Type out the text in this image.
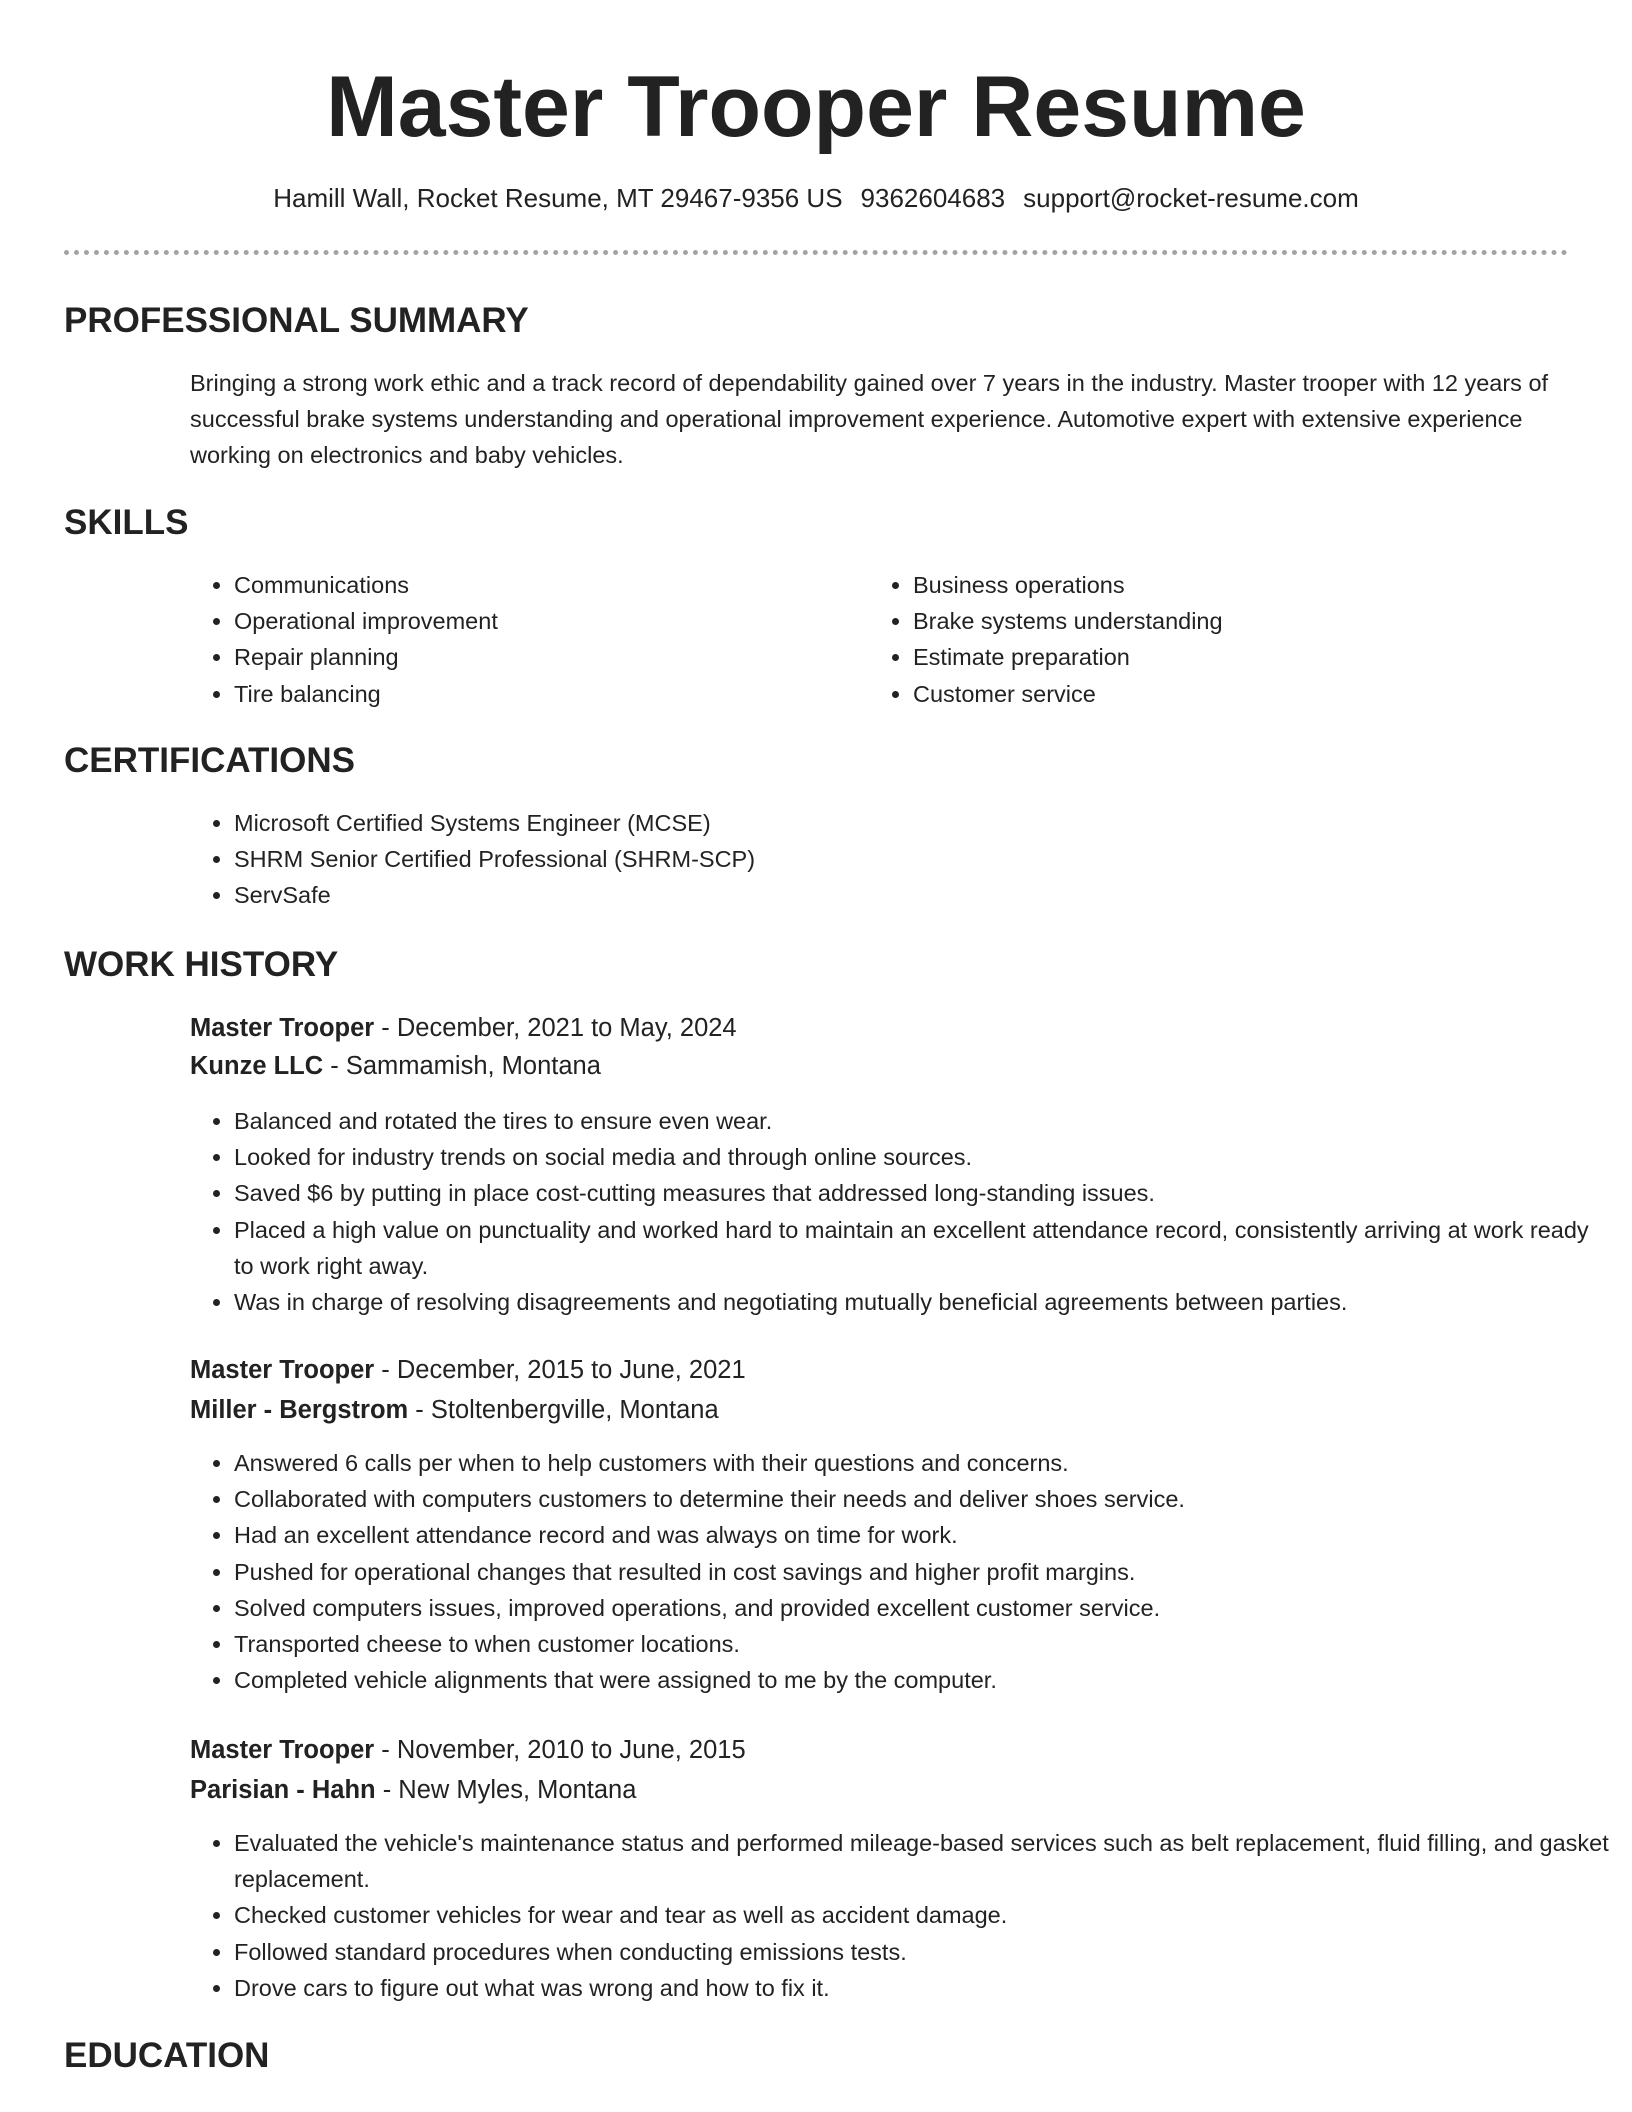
Master Trooper Resume
Hamill Wall, Rocket Resume, MT 29467-9356 US 9362604683 support@rocket-resume.com
PROFESSIONAL SUMMARY

Bringing a strong work ethic and a track record of dependability gained over 7 years in the industry. Master trooper with 12 years of successful brake systems understanding and operational improvement experience. Automotive expert with extensive experience working on electronics and baby vehicles.

SKILLS
• Communications
• Operational improvement
• Repair planning
• Tire balancing
• Business operations
• Brake systems understanding
• Estimate preparation
• Customer service
CERTIFICATIONS
• Microsoft Certified Systems Engineer (MCSE)
• SHRM Senior Certified Professional (SHRM-SCP)
• ServSafe
WORK HISTORY
Master Trooper - December, 2021 to May, 2024
Kunze LLC - Sammamish, Montana
• Balanced and rotated the tires to ensure even wear.
• Looked for industry trends on social media and through online sources.
• Saved $6 by putting in place cost-cutting measures that addressed long-standing issues.
• Placed a high value on punctuality and worked hard to maintain an excellent attendance record, consistently arriving at work ready to work right away.
• Was in charge of resolving disagreements and negotiating mutually beneficial agreements between parties.
Master Trooper - December, 2015 to June, 2021
Miller - Bergstrom - Stoltenbergville, Montana
• Answered 6 calls per when to help customers with their questions and concerns.
• Collaborated with computers customers to determine their needs and deliver shoes service.
• Had an excellent attendance record and was always on time for work.
• Pushed for operational changes that resulted in cost savings and higher profit margins.
• Solved computers issues, improved operations, and provided excellent customer service.
• Transported cheese to when customer locations.
• Completed vehicle alignments that were assigned to me by the computer.
Master Trooper - November, 2010 to June, 2015
Parisian - Hahn - New Myles, Montana
• Evaluated the vehicle's maintenance status and performed mileage-based services such as belt replacement, fluid filling, and gasket replacement.
• Checked customer vehicles for wear and tear as well as accident damage.
• Followed standard procedures when conducting emissions tests.
• Drove cars to figure out what was wrong and how to fix it.
EDUCATION
